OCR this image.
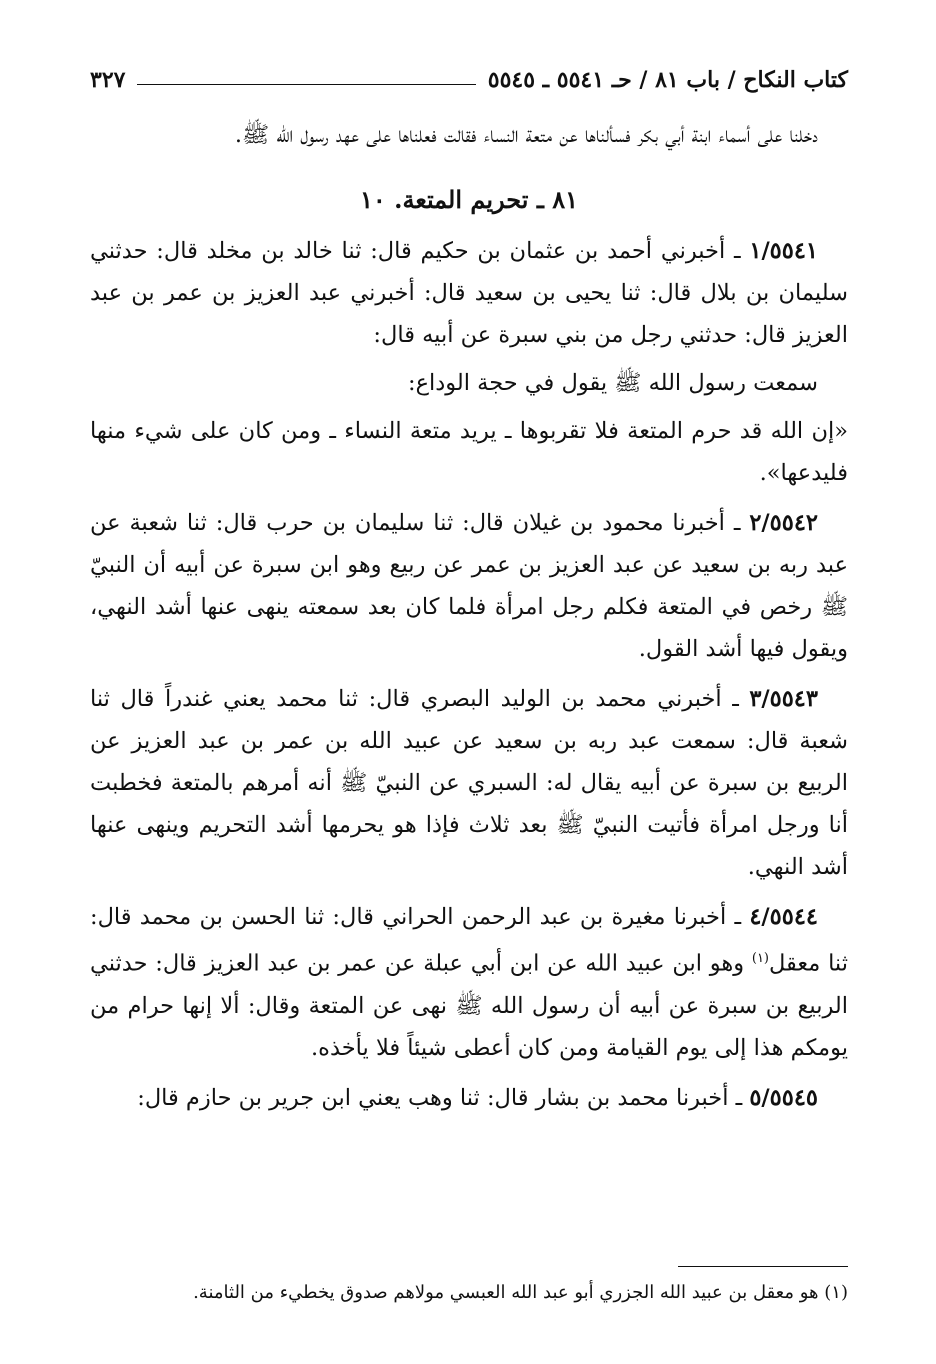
كتاب النكاح / باب ٨١ / حـ ٥٥٤١ ـ ٥٥٤٥
٣٢٧

دخلنا على أسماء ابنة أبي بكر فسألناها عن متعة النساء فقالت فعلناها على عهد رسول الله ﷺ.

٨١ ـ تحريم المتعة. ١٠

١/٥٥٤١ ـ أخبرني أحمد بن عثمان بن حكيم قال: ثنا خالد بن مخلد قال: حدثني سليمان بن بلال قال: ثنا يحيى بن سعيد قال: أخبرني عبد العزيز بن عمر بن عبد العزيز قال: حدثني رجل من بني سبرة عن أبيه قال:

سمعت رسول الله ﷺ يقول في حجة الوداع:

«إن الله قد حرم المتعة فلا تقربوها ـ يريد متعة النساء ـ ومن كان على شيء منها فليدعها».

٢/٥٥٤٢ ـ أخبرنا محمود بن غيلان قال: ثنا سليمان بن حرب قال: ثنا شعبة عن عبد ربه بن سعيد عن عبد العزيز بن عمر عن ربيع وهو ابن سبرة عن أبيه أن النبيّ ﷺ رخص في المتعة فكلم رجل امرأة فلما كان بعد سمعته ينهى عنها أشد النهي، ويقول فيها أشد القول.

٣/٥٥٤٣ ـ أخبرني محمد بن الوليد البصري قال: ثنا محمد يعني غندراً قال ثنا شعبة قال: سمعت عبد ربه بن سعيد عن عبيد الله بن عمر بن عبد العزيز عن الربيع بن سبرة عن أبيه يقال له: السبري عن النبيّ ﷺ أنه أمرهم بالمتعة فخطبت أنا ورجل امرأة فأتيت النبيّ ﷺ بعد ثلاث فإذا هو يحرمها أشد التحريم وينهى عنها أشد النهي.

٤/٥٥٤٤ ـ أخبرنا مغيرة بن عبد الرحمن الحراني قال: ثنا الحسن بن محمد قال: ثنا معقل$^{(١)}$ وهو ابن عبيد الله عن ابن أبي عبلة عن عمر بن عبد العزيز قال: حدثني الربيع بن سبرة عن أبيه أن رسول الله ﷺ نهى عن المتعة وقال: ألا إنها حرام من يومكم هذا إلى يوم القيامة ومن كان أعطى شيئاً فلا يأخذه.

٥/٥٥٤٥ ـ أخبرنا محمد بن بشار قال: ثنا وهب يعني ابن جرير بن حازم قال:

(١) هو معقل بن عبيد الله الجزري أبو عبد الله العبسي مولاهم صدوق يخطيء من الثامنة.
